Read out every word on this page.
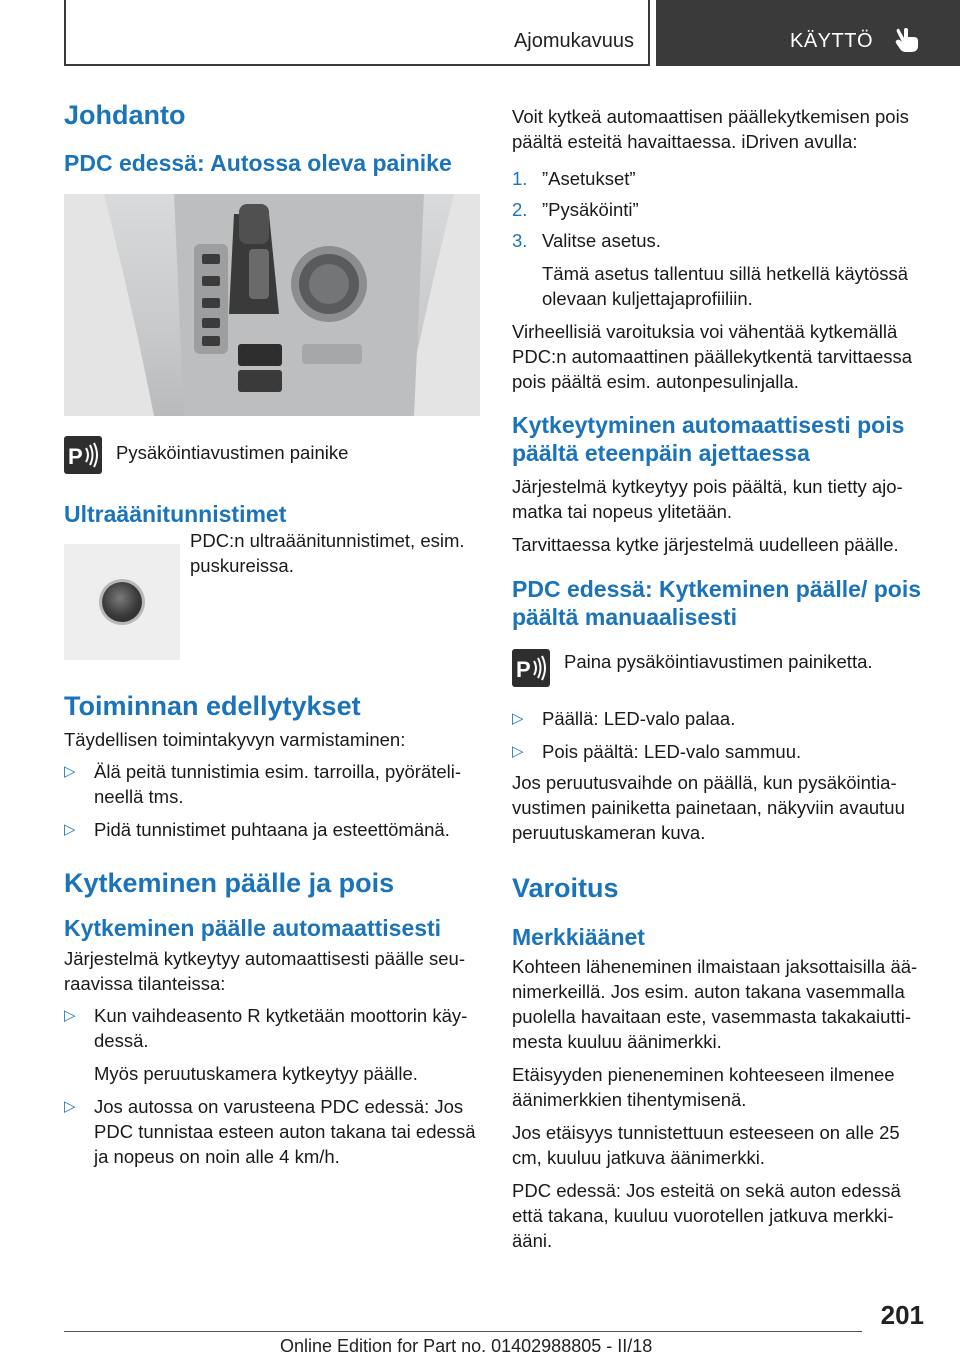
Ajomukavuus	KÄYTTÖ
Johdanto
PDC edessä: Autossa oleva painike
P Pysäköintiavustimen painike

Ultraäänitunnistimet

PDC:n ultraäänitunnistimet, esim. puskureissa.

Toiminnan edellytykset

Täydellisen toimintakyvyn varmistaminen:

▷ Älä peitä tunnistimia esim. tarroilla, pyöräteli-neellä tms.
▷ Pidä tunnistimet puhtaana ja esteettömänä.
Kytkeminen päälle ja pois
Kytkeminen päälle automaattisesti

Järjestelmä kytkeytyy automaattisesti päälle seu-raavissa tilanteissa:

▷ Kun vaihdeasento R kytketään moottorin käy-dessä.

Myös peruutuskamera kytkeytyy päälle.

▷ Jos autossa on varusteena PDC edessä: Jos PDC tunnistaa esteen auton takana tai edessä ja nopeus on noin alle 4 km/h.

Voit kytkeä automaattisen päällekytkemisen pois päältä esteitä havaittaessa. iDriven avulla:

1. ”Asetukset”
2. ”Pysäköinti”
3. Valitse asetus.

Tämä asetus tallentuu sillä hetkellä käytössä olevaan kuljettajaprofiiliin.

Virheellisiä varoituksia voi vähentää kytkemällä PDC:n automaattinen päällekytkentä tarvittaessa pois päältä esim. autonpesulinjalla.

Kytkeytyminen automaattisesti pois päältä eteenpäin ajettaessa

Järjestelmä kytkeytyy pois päältä, kun tietty ajo-matka tai nopeus ylitetään.

Tarvittaessa kytke järjestelmä uudelleen päälle.

PDC edessä: Kytkeminen päälle/ pois päältä manuaalisesti
P Paina pysäköintiavustimen painiketta.

▷ Päällä: LED-valo palaa.
▷ Pois päältä: LED-valo sammuu.

Jos peruutusvaihde on päällä, kun pysäköintia-vustimen painiketta painetaan, näkyviin avautuu peruutuskameran kuva.

Varoitus
Merkkiäänet

Kohteen läheneminen ilmaistaan jaksottaisilla ää-nimerkeillä. Jos esim. auton takana vasemmalla puolella havaitaan este, vasemmasta takakaiutti-mesta kuuluu äänimerkki.

Etäisyyden pieneneminen kohteeseen ilmenee äänimerkkien tihentymisenä.

Jos etäisyys tunnistettuun esteeseen on alle 25 cm, kuuluu jatkuva äänimerkki.

PDC edessä: Jos esteitä on sekä auton edessä että takana, kuuluu vuorotellen jatkuva merkki-ääni.

201
Online Edition for Part no. 01402988805 - II/18
